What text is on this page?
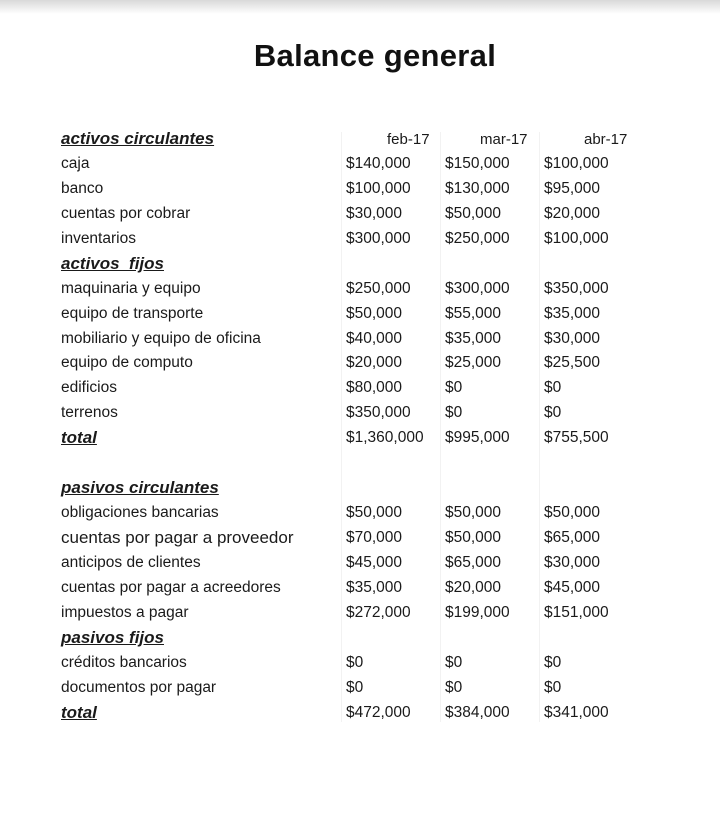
Balance general
activos circulantes	feb-17	mar-17	abr-17
caja	$140,000 $150,000 $100,000
banco	$100,000 $130,000 $95,000
cuentas por cobrar	$30,000	$50,000	$20,000
inventarios	$300,000 $250,000 $100,000
activos  fijos
maquinaria y equipo	$250,000 $300,000 $350,000
equipo de transporte	$50,000	$55,000	$35,000
mobiliario y equipo de oficina	$40,000	$35,000	$30,000
equipo de computo	$20,000	$25,000	$25,500
edificios	$80,000	$0	$0
terrenos	$350,000 $0	$0
total	$1,360,000 $995,000 $755,500
pasivos circulantes
obligaciones bancarias	$50,000	$50,000	$50,000
cuentas por pagar a proveedor	$70,000	$50,000	$65,000
anticipos de clientes	$45,000	$65,000	$30,000
cuentas por pagar a acreedores	$35,000	$20,000	$45,000
impuestos a pagar	$272,000 $199,000 $151,000
pasivos fijos
créditos bancarios	$0	$0	$0
documentos por pagar	$0	$0	$0
total	$472,000 $384,000 $341,000
